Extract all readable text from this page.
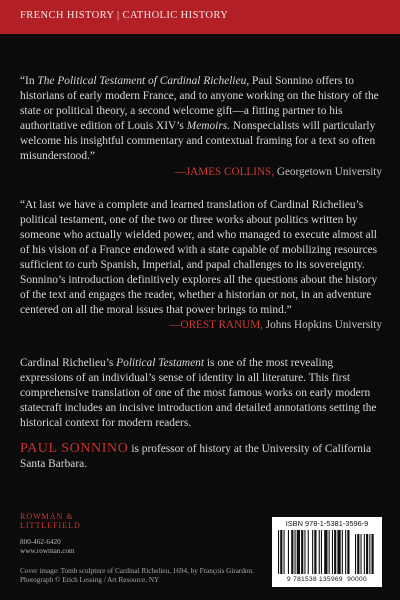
FRENCH HISTORY | CATHOLIC HISTORY

“In The Political Testament of Cardinal Richelieu, Paul Sonnino offers to historians of early modern France, and to anyone working on the history of the state or political theory, a second welcome gift—a fitting partner to his authoritative edition of Louis XIV’s Memoirs. Nonspecialists will particularly welcome his insightful commentary and contextual framing for a text so often misunderstood.”

—JAMES COLLINS, Georgetown University

“At last we have a complete and learned translation of Cardinal Richelieu’s political testament, one of the two or three works about politics written by someone who actually wielded power, and who managed to execute almost all of his vision of a France endowed with a state capable of mobilizing resources sufficient to curb Spanish, Imperial, and papal challenges to its sovereignty. Sonnino’s introduction definitively explores all the questions about the history of the text and engages the reader, whether a historian or not, in an adventure centered on all the moral issues that power brings to mind.”

—OREST RANUM, Johns Hopkins University

Cardinal Richelieu’s Political Testament is one of the most revealing expressions of an individual’s sense of identity in all literature. This first comprehensive translation of one of the most famous works on early modern statecraft includes an incisive introduction and detailed annotations setting the historical context for modern readers.

PAUL SONNINO is professor of history at the University of California Santa Barbara.

ROWMAN &
LITTLEFIELD
800-462-6420
www.rowman.com
Cover image: Tomb sculpture of Cardinal Richelieu, 1694, by François Girardon. Photograph © Erich Lessing / Art Resource, NY
ISBN 978-1-5381-3596-9
9 781538 135969 90000
